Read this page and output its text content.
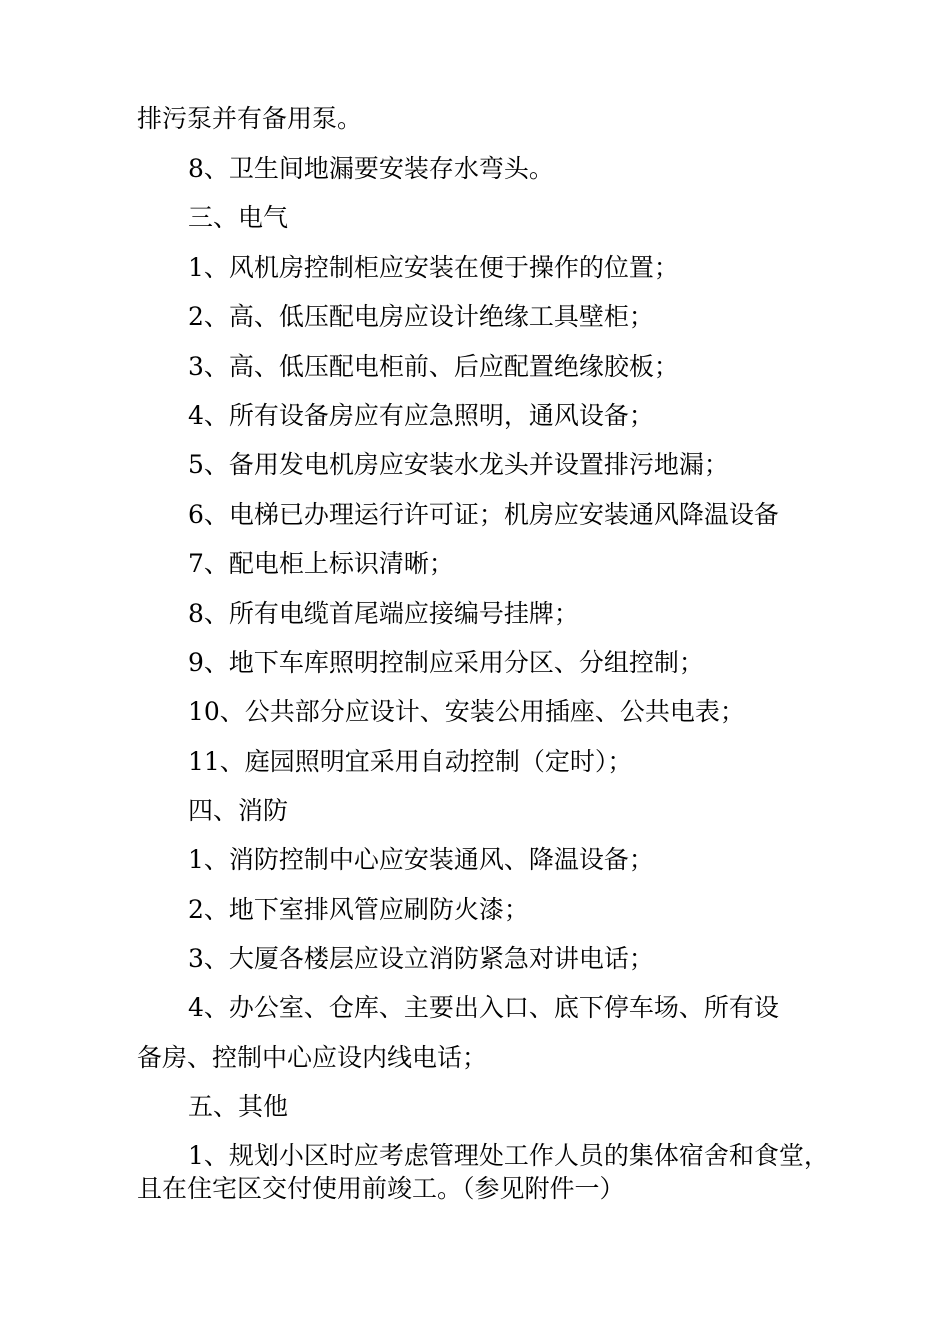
排污泵并有备用泵。
8、卫生间地漏要安装存水弯头。
三、电气
1、风机房控制柜应安装在便于操作的位置；
2、高、低压配电房应设计绝缘工具壁柜；
3、高、低压配电柜前、后应配置绝缘胶板；
4、所有设备房应有应急照明，通风设备；
5、备用发电机房应安装水龙头并设置排污地漏；
6、电梯已办理运行许可证；机房应安装通风降温设备
7、配电柜上标识清晰；
8、所有电缆首尾端应接编号挂牌；
9、地下车库照明控制应采用分区、分组控制；
10、公共部分应设计、安装公用插座、公共电表；
11、庭园照明宜采用自动控制（定时）；
四、消防
1、消防控制中心应安装通风、降温设备；
2、地下室排风管应刷防火漆；
3、大厦各楼层应设立消防紧急对讲电话；
4、办公室、仓库、主要出入口、底下停车场、所有设
备房、控制中心应设内线电话；
五、其他
1、规划小区时应考虑管理处工作人员的集体宿舍和食堂，
且在住宅区交付使用前竣工。（参见附件一）
